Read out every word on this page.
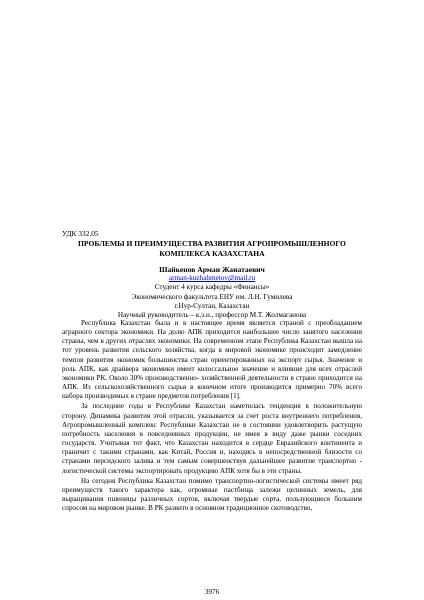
УДК 332.05
ПРОБЛЕМЫ И ПРЕИМУЩЕСТВА РАЗВИТИЯ АГРОПРОМЫШЛЕННОГО КОМПЛЕКСА КАЗАХСТАНА
Шайкенов Арман Жанатаевич
arman-kuzhahmetov@mail.ru
Студент 4 курса кафедры «Финансы»
Экономического факультета ЕНУ им. Л.Н. Гумилева
г.Нур-Султан, Казахстан
Научный руководитель – к.э.н., профессор М.Т. Жолмаганова

Республика Казахстан была и в настоящее время является страной с преобладанием аграрного сектора экономики. На долю АПК приходится наибольшее число занятого населения страны, чем в других отраслях экономики. На современном этапе Республика Казахстан вышла на тот уровень развития сельского хозяйства, когда в мировой экономике происходит замедление темпов развития экономик большинства стран ориентированных на экспорт сырья. Значение и роль АПК, как драйвера экономики имеет колоссальное значение и влияние для всех отраслей экономики РК. Около 30% производственно- хозяйственной деятельности в стране приходится на АПК. Из сельскохозяйственного сырья в конечном итоге производится примерно 70% всего набора производимых в стране предметов потребления [1].

За последние годы в Республике Казахстан наметилась тенденция в положительную сторону. Динамика развития этой отрасли, указывается за счет роста внутреннего потребления, Агропромышленный комплекс Республики Казахстан не в состоянии удовлетворить растущую потребность населения в повседневных продукции, не имея в виду даже рынки соседних государств. Учитывая тот факт, что Казахстан находится в сердце Евразийского континента и граничит с такими странами, как Китай, Россия и, находясь в непосредственной близости со странами персидского залива и тем самым совершенствуя дальнейшее развитие транспортно - логистической системы экспортировать продукцию АПК хотя бы в эти страны.

На сегодня Республика Казахстан помимо транспортно-логистической системы имеет ряд преимуществ такого характера как, огромные пастбища залежи целинных земель, для выращивания пшеницы различных сортов, включая твердые сорта, пользующиеся большим спросом на мировом рынке. В РК развито в основном традиционное скотоводство,

3976
